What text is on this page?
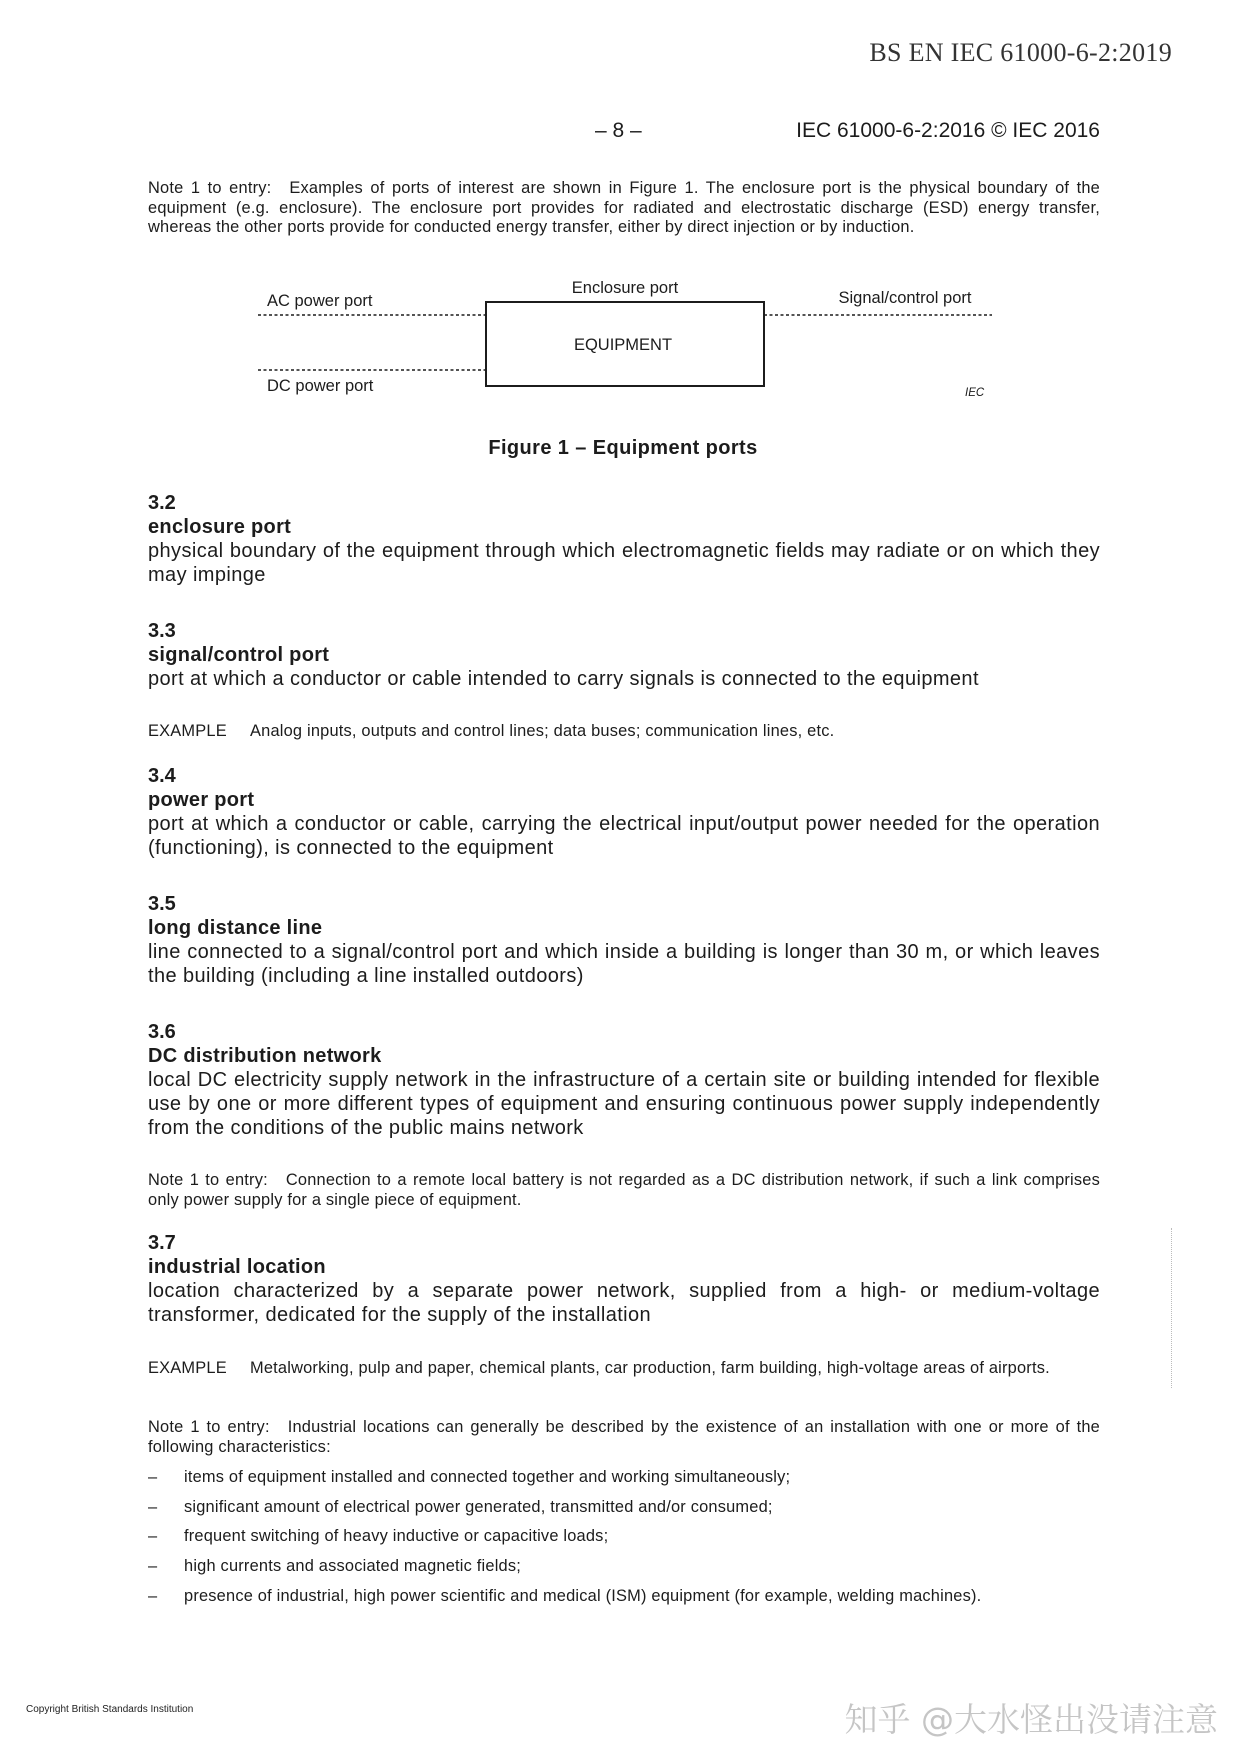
BS EN IEC 61000-6-2:2019
– 8 –	IEC 61000-6-2:2016 © IEC 2016
Note 1 to entry: Examples of ports of interest are shown in Figure 1. The enclosure port is the physical boundary of the equipment (e.g. enclosure). The enclosure port provides for radiated and electrostatic discharge (ESD) energy transfer, whereas the other ports provide for conducted energy transfer, either by direct injection or by induction.
AC power port
DC power port
Enclosure port
Signal/control port
EQUIPMENT
IEC
Figure 1 – Equipment ports
3.2
enclosure port
physical boundary of the equipment through which electromagnetic fields may radiate or on which they may impinge
3.3
signal/control port
port at which a conductor or cable intended to carry signals is connected to the equipment
EXAMPLE Analog inputs, outputs and control lines; data buses; communication lines, etc.
3.4
power port
port at which a conductor or cable, carrying the electrical input/output power needed for the operation (functioning), is connected to the equipment
3.5
long distance line
line connected to a signal/control port and which inside a building is longer than 30 m, or which leaves the building (including a line installed outdoors)
3.6
DC distribution network
local DC electricity supply network in the infrastructure of a certain site or building intended for flexible use by one or more different types of equipment and ensuring continuous power supply independently from the conditions of the public mains network
Note 1 to entry: Connection to a remote local battery is not regarded as a DC distribution network, if such a link comprises only power supply for a single piece of equipment.
3.7
industrial location
location characterized by a separate power network, supplied from a high- or medium-voltage transformer, dedicated for the supply of the installation
EXAMPLE Metalworking, pulp and paper, chemical plants, car production, farm building, high-voltage areas of airports.
Note 1 to entry: Industrial locations can generally be described by the existence of an installation with one or more of the following characteristics:
– items of equipment installed and connected together and working simultaneously;
– significant amount of electrical power generated, transmitted and/or consumed;
– frequent switching of heavy inductive or capacitive loads;
– high currents and associated magnetic fields;
– presence of industrial, high power scientific and medical (ISM) equipment (for example, welding machines).
Copyright British Standards Institution	知乎 @大水怪出没请注意
